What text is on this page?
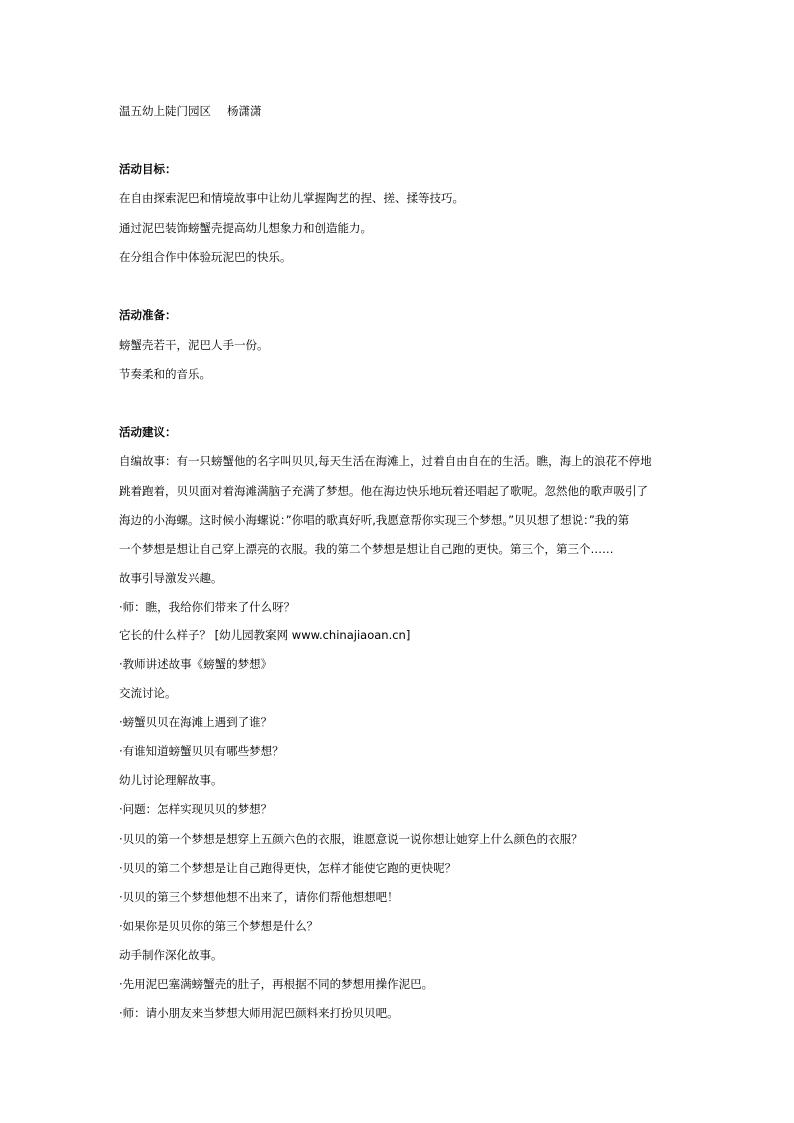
温五幼上陡门园区 杨潇潇
活动目标：
在自由探索泥巴和情境故事中让幼儿掌握陶艺的捏、搓、揉等技巧。
通过泥巴装饰螃蟹壳提高幼儿想象力和创造能力。
在分组合作中体验玩泥巴的快乐。
活动准备：
螃蟹壳若干，泥巴人手一份。
节奏柔和的音乐。
活动建议：
自编故事：有一只螃蟹他的名字叫贝贝,每天生活在海滩上，过着自由自在的生活。瞧，海上的浪花不停地
跳着跑着，贝贝面对着海滩满脑子充满了梦想。他在海边快乐地玩着还唱起了歌呢。忽然他的歌声吸引了
海边的小海螺。这时候小海螺说：”你唱的歌真好听,我愿意帮你实现三个梦想。”贝贝想了想说：”我的第
一个梦想是想让自己穿上漂亮的衣服。我的第二个梦想是想让自己跑的更快。第三个，第三个……
故事引导激发兴趣。
·师：瞧，我给你们带来了什么呀？
它长的什么样子？ [幼儿园教案网 www.chinajiaoan.cn]
·教师讲述故事《螃蟹的梦想》
交流讨论。
·螃蟹贝贝在海滩上遇到了谁？
·有谁知道螃蟹贝贝有哪些梦想？
幼儿讨论理解故事。
·问题：怎样实现贝贝的梦想？
·贝贝的第一个梦想是想穿上五颜六色的衣服，谁愿意说一说你想让她穿上什么颜色的衣服？
·贝贝的第二个梦想是让自己跑得更快，怎样才能使它跑的更快呢？
·贝贝的第三个梦想他想不出来了，请你们帮他想想吧！
·如果你是贝贝你的第三个梦想是什么？
动手制作深化故事。
·先用泥巴塞满螃蟹壳的肚子，再根据不同的梦想用操作泥巴。
·师：请小朋友来当梦想大师用泥巴颜料来打扮贝贝吧。
